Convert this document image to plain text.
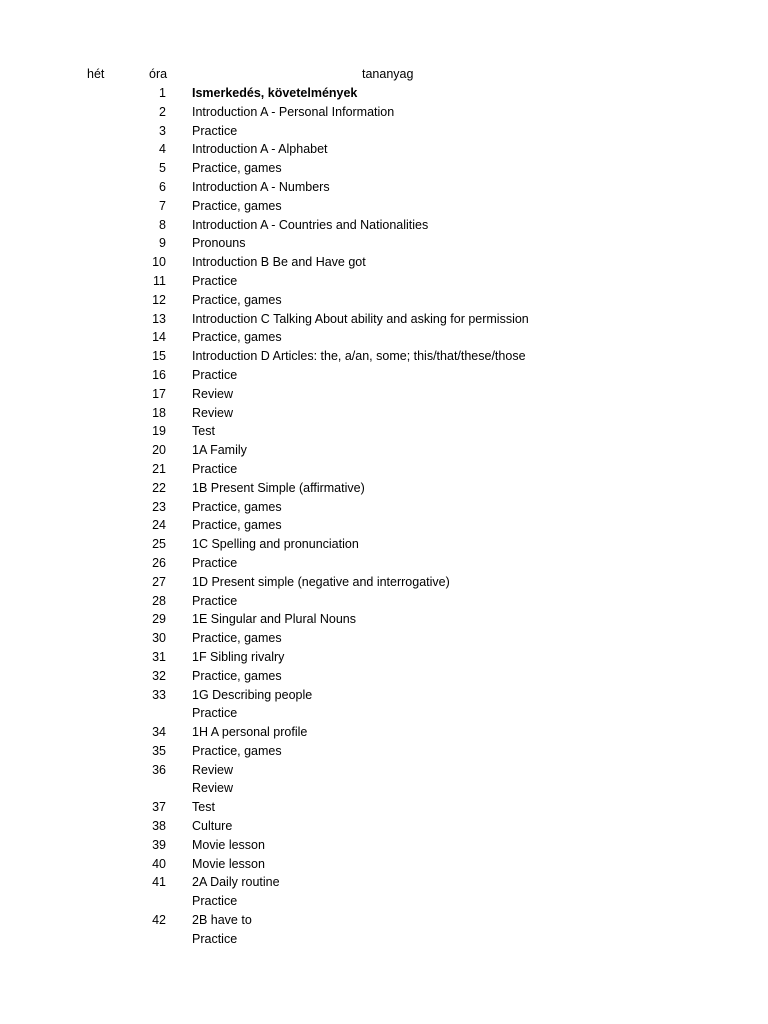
hét	óra	tananyag
1 Ismerkedés, követelmények
2 Introduction A - Personal Information
3 Practice
4 Introduction A - Alphabet
5 Practice, games
6 Introduction A - Numbers
7 Practice, games
8 Introduction A - Countries and Nationalities
9 Pronouns
10 Introduction B Be and Have got
11 Practice
12 Practice, games
13 Introduction C Talking About ability and asking for permission
14 Practice, games
15 Introduction D Articles: the, a/an, some; this/that/these/those
16 Practice
17 Review
18 Review
19 Test
20 1A Family
21 Practice
22 1B Present Simple (affirmative)
23 Practice, games
24 Practice, games
25 1C Spelling and pronunciation
26 Practice
27 1D Present simple (negative and interrogative)
28 Practice
29 1E Singular and Plural Nouns
30 Practice, games
31 1F Sibling rivalry
32 Practice, games
33 1G Describing people
Practice
34 1H A personal profile
35 Practice, games
36 Review
Review
37 Test
38 Culture
39 Movie lesson
40 Movie lesson
41 2A Daily routine
Practice
42 2B have to
Practice
